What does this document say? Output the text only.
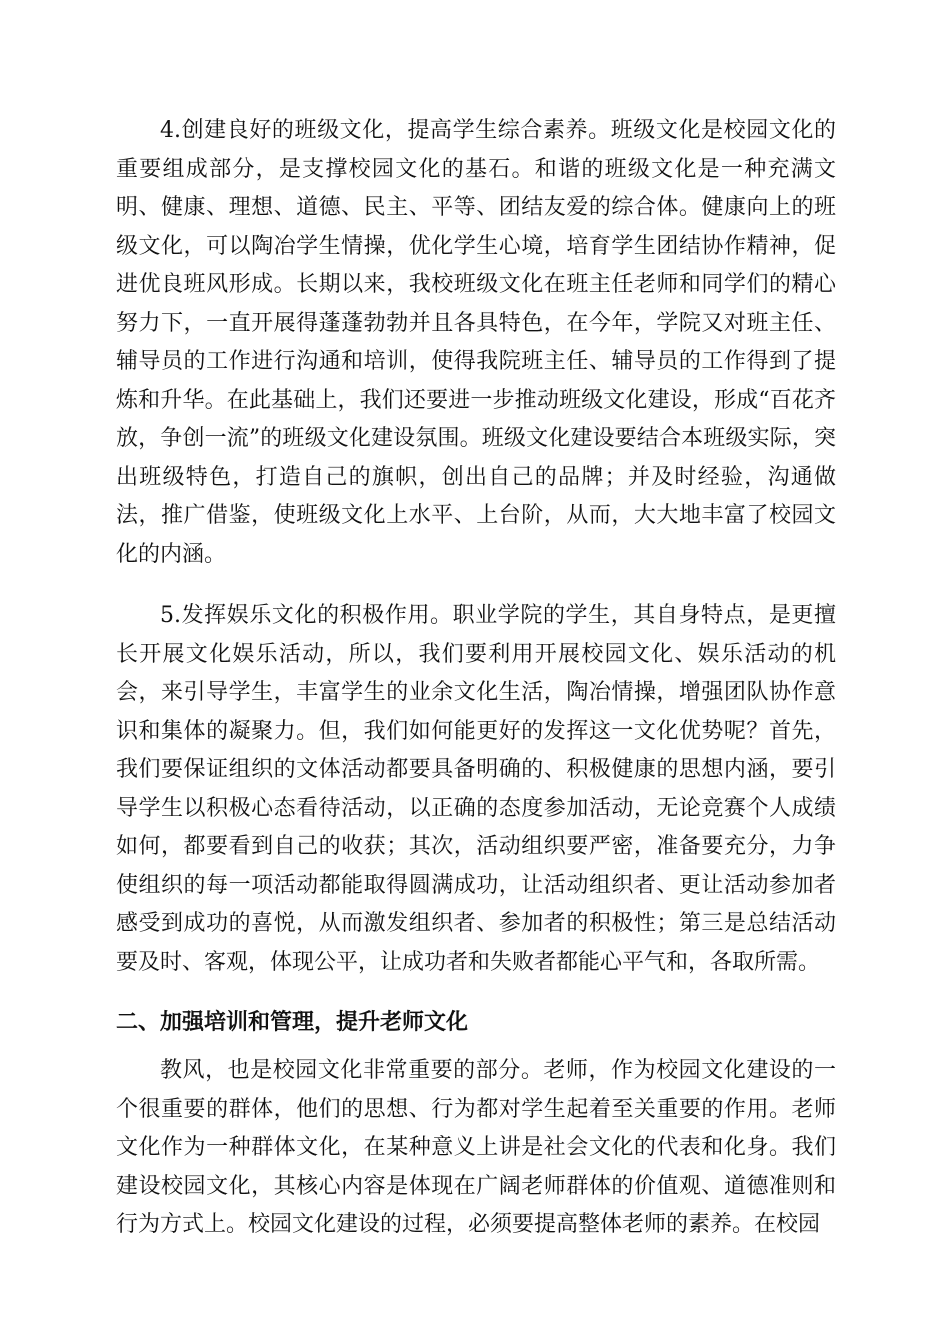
4.创建良好的班级文化，提高学生综合素养。班级文化是校园文化的重要组成部分，是支撑校园文化的基石。和谐的班级文化是一种充满文明、健康、理想、道德、民主、平等、团结友爱的综合体。健康向上的班级文化，可以陶冶学生情操，优化学生心境，培育学生团结协作精神，促进优良班风形成。长期以来，我校班级文化在班主任老师和同学们的精心努力下，一直开展得蓬蓬勃勃并且各具特色，在今年，学院又对班主任、辅导员的工作进行沟通和培训，使得我院班主任、辅导员的工作得到了提炼和升华。在此基础上，我们还要进一步推动班级文化建设，形成“百花齐放，争创一流”的班级文化建设氛围。班级文化建设要结合本班级实际，突出班级特色，打造自己的旗帜，创出自己的品牌；并及时经验，沟通做法，推广借鉴，使班级文化上水平、上台阶，从而，大大地丰富了校园文化的内涵。

5.发挥娱乐文化的积极作用。职业学院的学生，其自身特点，是更擅长开展文化娱乐活动，所以，我们要利用开展校园文化、娱乐活动的机会，来引导学生，丰富学生的业余文化生活，陶冶情操，增强团队协作意识和集体的凝聚力。但，我们如何能更好的发挥这一文化优势呢？首先，我们要保证组织的文体活动都要具备明确的、积极健康的思想内涵，要引导学生以积极心态看待活动，以正确的态度参加活动，无论竞赛个人成绩如何，都要看到自己的收获；其次，活动组织要严密，准备要充分，力争使组织的每一项活动都能取得圆满成功，让活动组织者、更让活动参加者感受到成功的喜悦，从而激发组织者、参加者的积极性；第三是总结活动要及时、客观，体现公平，让成功者和失败者都能心平气和，各取所需。

二、加强培训和管理，提升老师文化

教风，也是校园文化非常重要的部分。老师，作为校园文化建设的一个很重要的群体，他们的思想、行为都对学生起着至关重要的作用。老师文化作为一种群体文化，在某种意义上讲是社会文化的代表和化身。我们建设校园文化，其核心内容是体现在广阔老师群体的价值观、道德准则和行为方式上。校园文化建设的过程，必须要提高整体老师的素养。在校园
